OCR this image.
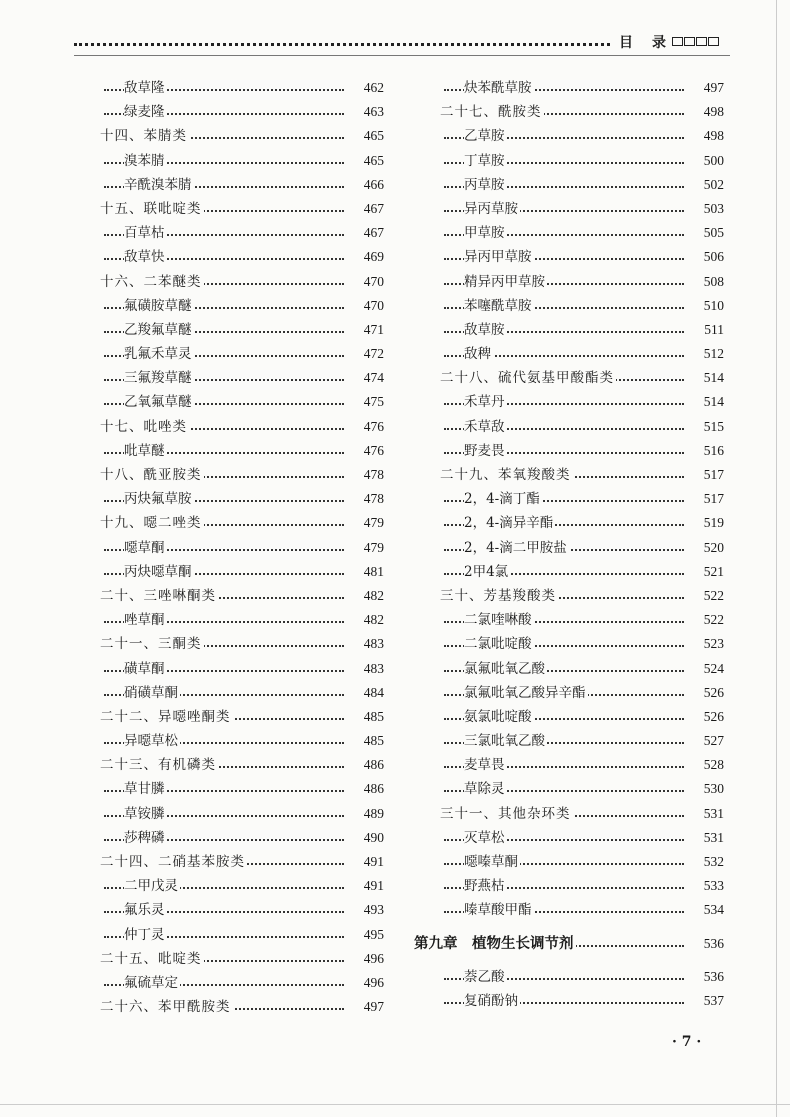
目 录
敌草隆	462
绿麦隆	463
十四、苯腈类	465
溴苯腈	465
辛酰溴苯腈	466
十五、联吡啶类	467
百草枯	467
敌草快	469
十六、二苯醚类	470
氟磺胺草醚	470
乙羧氟草醚	471
乳氟禾草灵	472
三氟羧草醚	474
乙氧氟草醚	475
十七、吡唑类	476
吡草醚	476
十八、酰亚胺类	478
丙炔氟草胺	478
十九、噁二唑类	479
噁草酮	479
丙炔噁草酮	481
二十、三唑啉酮类	482
唑草酮	482
二十一、三酮类	483
磺草酮	483
硝磺草酮	484
二十二、异噁唑酮类	485
异噁草松	485
二十三、有机磷类	486
草甘膦	486
草铵膦	489
莎稗磷	490
二十四、二硝基苯胺类	491
二甲戊灵	491
氟乐灵	493
仲丁灵	495
二十五、吡啶类	496
氟硫草定	496
二十六、苯甲酰胺类	497
炔苯酰草胺	497
二十七、酰胺类	498
乙草胺	498
丁草胺	500
丙草胺	502
异丙草胺	503
甲草胺	505
异丙甲草胺	506
精异丙甲草胺	508
苯噻酰草胺	510
敌草胺	511
敌稗	512
二十八、硫代氨基甲酸酯类	514
禾草丹	514
禾草敌	515
野麦畏	516
二十九、苯氧羧酸类	517
2，4-滴丁酯	517
2，4-滴异辛酯	519
2，4-滴二甲胺盐	520
2甲4氯	521
三十、芳基羧酸类	522
二氯喹啉酸	522
二氯吡啶酸	523
氯氟吡氧乙酸	524
氯氟吡氧乙酸异辛酯	526
氨氯吡啶酸	526
三氯吡氧乙酸	527
麦草畏	528
草除灵	530
三十一、其他杂环类	531
灭草松	531
噁嗪草酮	532
野燕枯	533
嗪草酸甲酯	534
第九章　植物生长调节剂	536
萘乙酸	536
复硝酚钠	537
· 7 ·
